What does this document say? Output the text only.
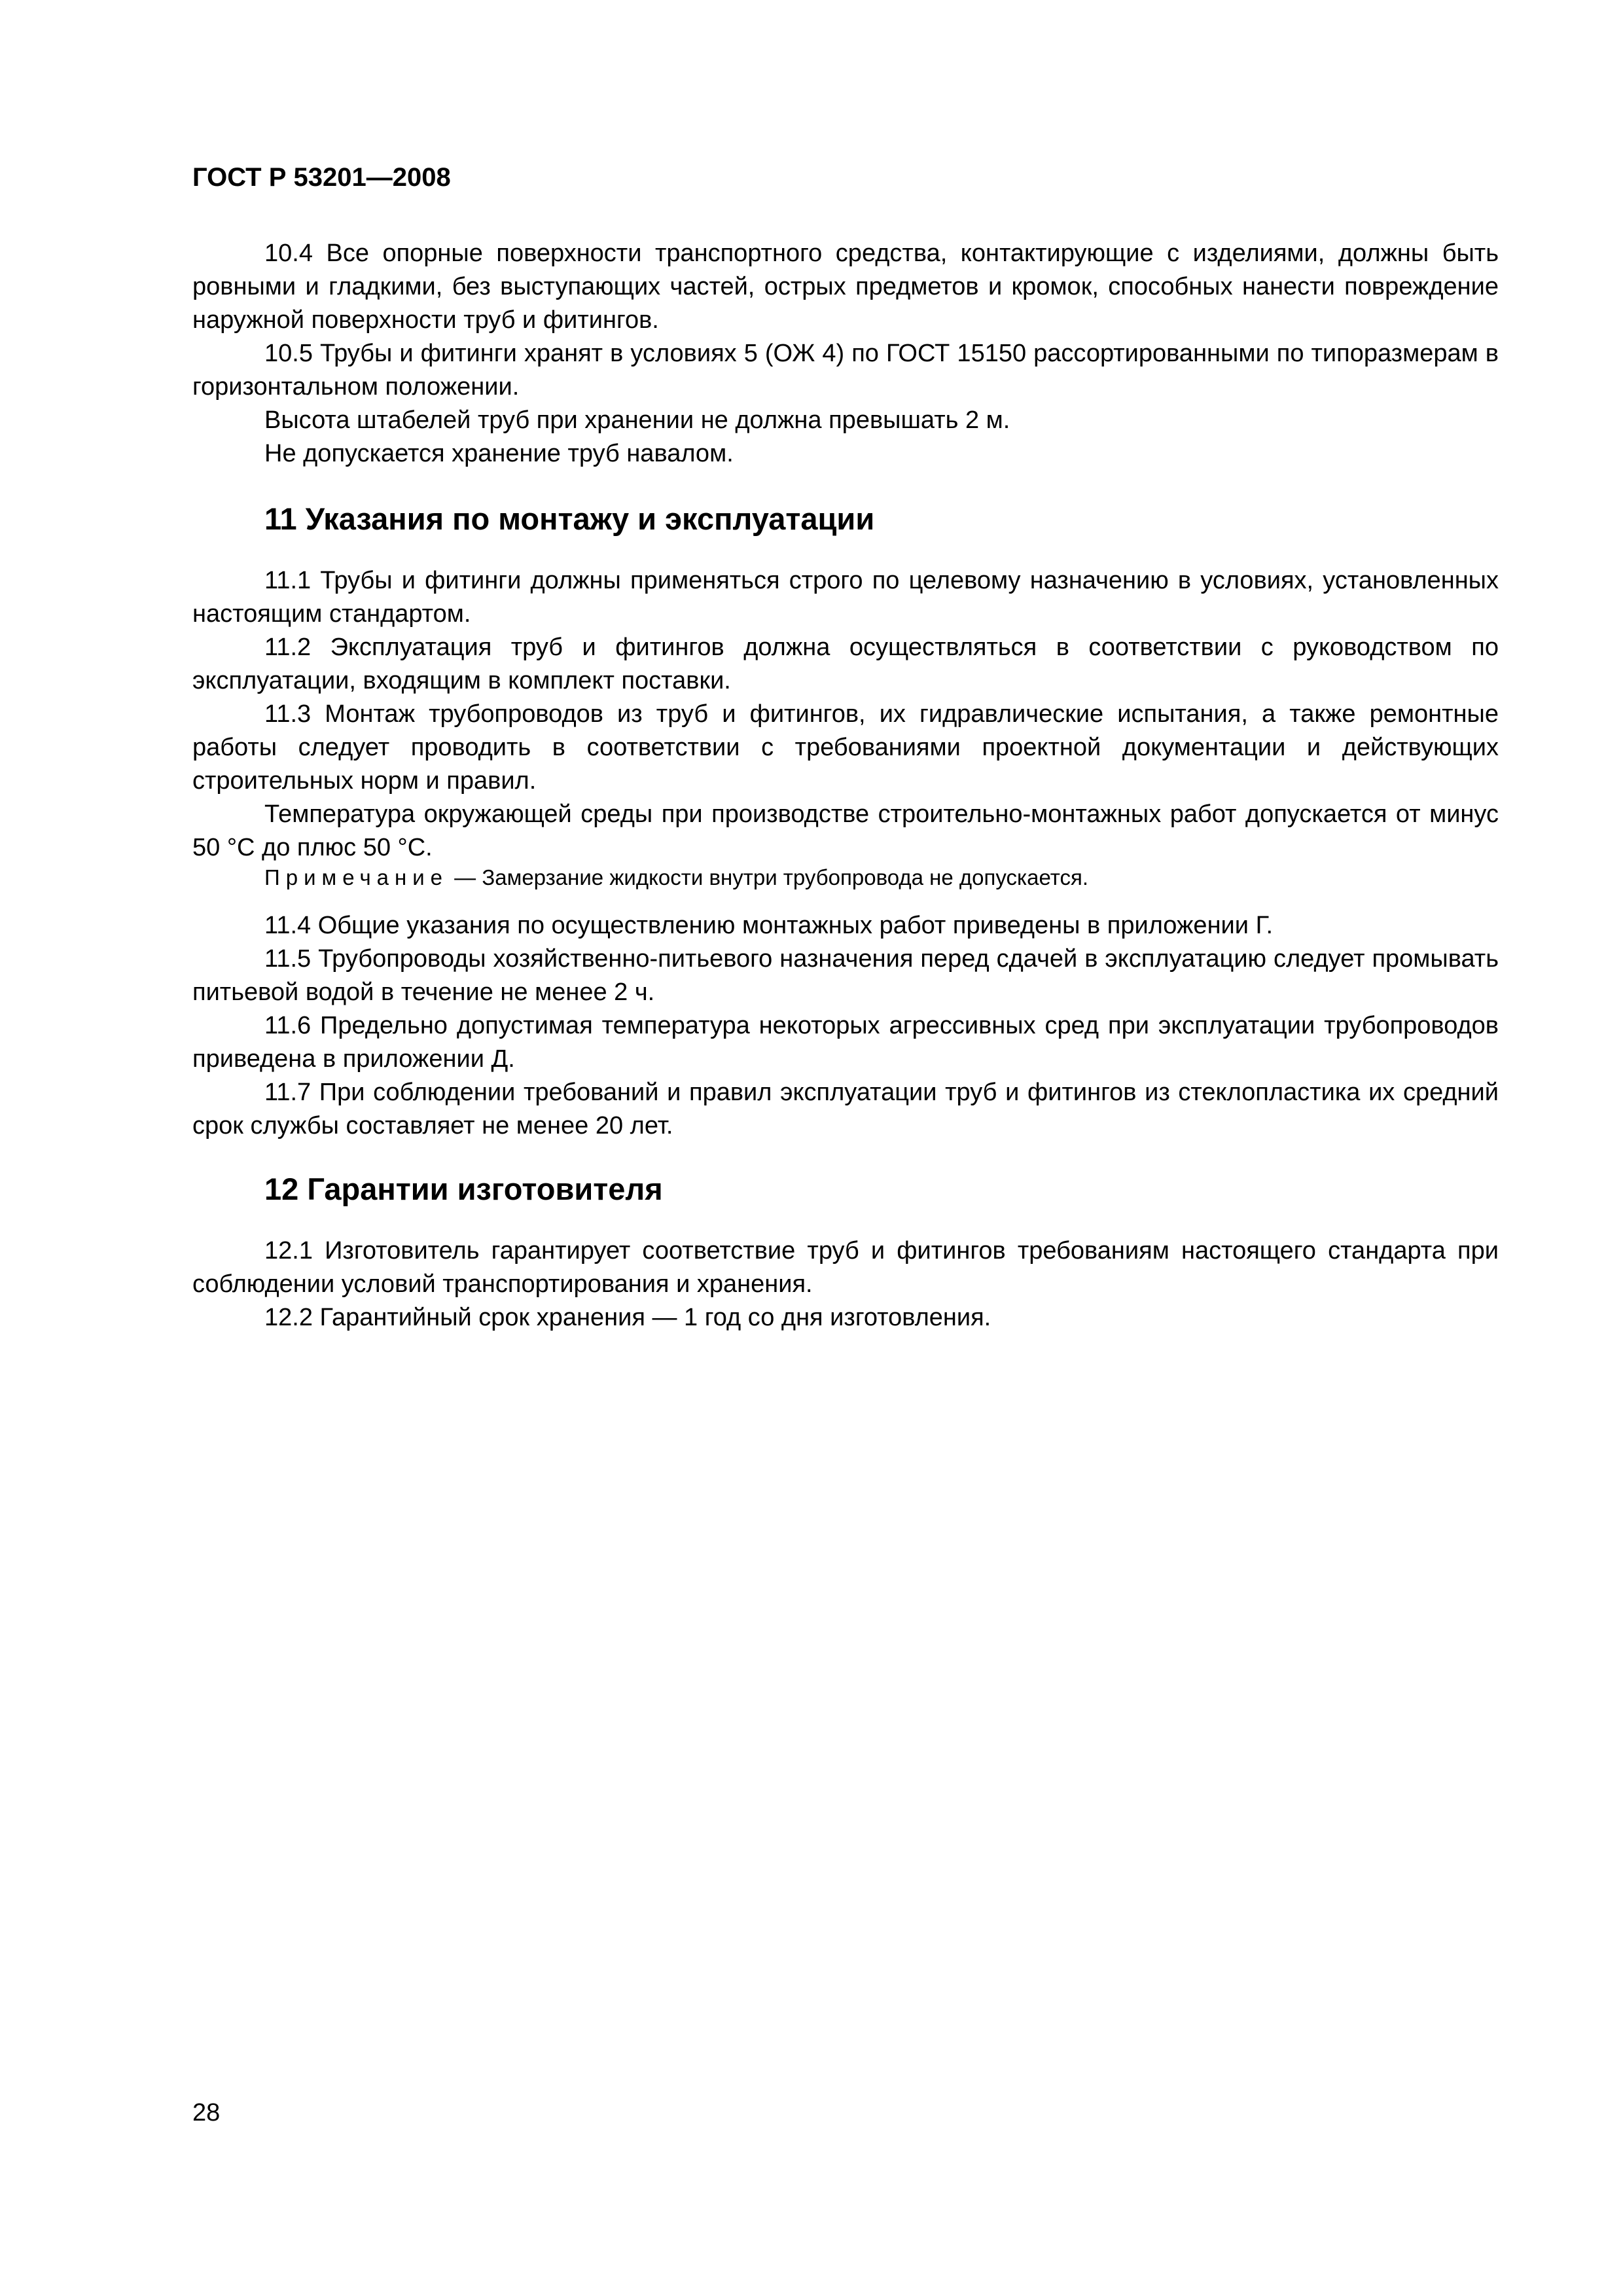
ГОСТ Р 53201—2008

10.4 Все опорные поверхности транспортного средства, контактирующие с изделиями, должны быть ровными и гладкими, без выступающих частей, острых предметов и кромок, способных нанести повреждение наружной поверхности труб и фитингов.

10.5 Трубы и фитинги хранят в условиях 5 (ОЖ 4) по ГОСТ 15150 рассортированными по типоразмерам в горизонтальном положении.

Высота штабелей труб при хранении не должна превышать 2 м.

Не допускается хранение труб навалом.

11 Указания по монтажу и эксплуатации

11.1 Трубы и фитинги должны применяться строго по целевому назначению в условиях, установленных настоящим стандартом.

11.2 Эксплуатация труб и фитингов должна осуществляться в соответствии с руководством по эксплуатации, входящим в комплект поставки.

11.3 Монтаж трубопроводов из труб и фитингов, их гидравлические испытания, а также ремонтные работы следует проводить в соответствии с требованиями проектной документации и действующих строительных норм и правил.

Температура окружающей среды при производстве строительно-монтажных работ допускается от минус 50 °С до плюс 50 °С.

Примечание — Замерзание жидкости внутри трубопровода не допускается.

11.4 Общие указания по осуществлению монтажных работ приведены в приложении Г.

11.5 Трубопроводы хозяйственно-питьевого назначения перед сдачей в эксплуатацию следует промывать питьевой водой в течение не менее 2 ч.

11.6 Предельно допустимая температура некоторых агрессивных сред при эксплуатации трубопроводов приведена в приложении Д.

11.7 При соблюдении требований и правил эксплуатации труб и фитингов из стеклопластика их средний срок службы составляет не менее 20 лет.

12 Гарантии изготовителя

12.1 Изготовитель гарантирует соответствие труб и фитингов требованиям настоящего стандарта при соблюдении условий транспортирования и хранения.

12.2 Гарантийный срок хранения — 1 год со дня изготовления.

28
